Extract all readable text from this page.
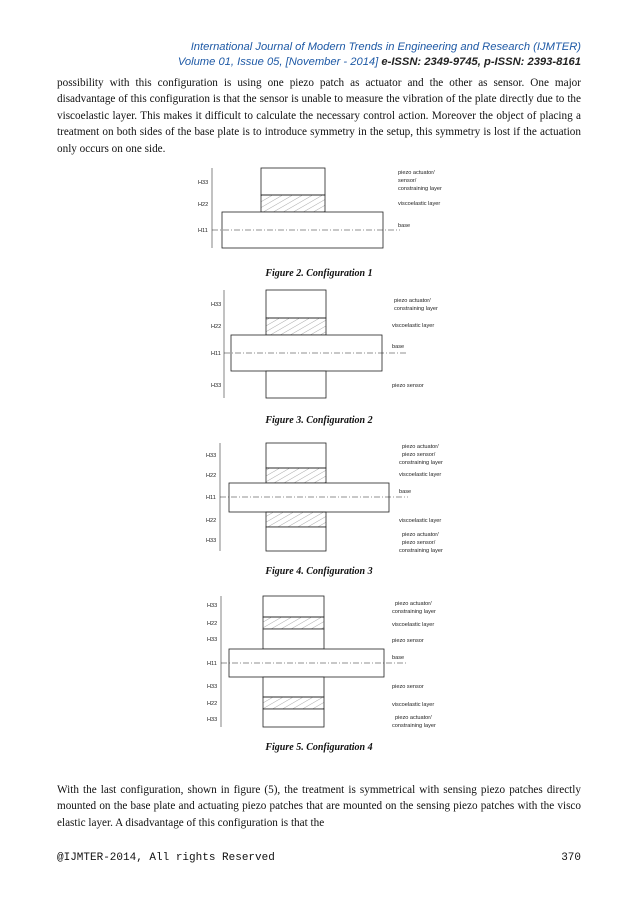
International Journal of Modern Trends in Engineering and Research (IJMTER)
Volume 01, Issue 05, [November - 2014] e-ISSN: 2349-9745, p-ISSN: 2393-8161
possibility with this configuration is using one piezo patch as actuator and the other as sensor. One major disadvantage of this configuration is that the sensor is unable to measure the vibration of the plate directly due to the viscoelastic layer. This makes it difficult to calculate the necessary control action. Moreover the object of placing a treatment on both sides of the base plate is to introduce symmetry in the setup, this symmetry is lost if the actuation only occurs on one side.
H33
H22
H11
piezo actuator/
sensor/
constraining layer
viscoelastic layer
base
H33
H22
H11
H33
piezo actuator/
constraining layer
viscoelastic layer
base
piezo sensor
H33
H22
H11
H22
H33
piezo actuator/
piezo sensor/
constraining layer
viscoelastic layer
base
viscoelastic layer
piezo actuator/
piezo sensor/
constraining layer
H33
H22
H33
H11
H33
H22
H33
piezo actuator/
constraining layer
viscoelastic layer
piezo sensor
base
piezo sensor
viscoelastic layer
piezo actuator/
constraining layer
Figure 2. Configuration 1
Figure 3. Configuration 2
Figure 4. Configuration 3
Figure 5. Configuration 4
With the last configuration, shown in figure (5), the treatment is symmetrical with sensing piezo patches directly mounted on the base plate and actuating piezo patches that are mounted on the sensing piezo patches with the visco elastic layer. A disadvantage of this configuration is that the
@IJMTER-2014, All rights Reserved	370
